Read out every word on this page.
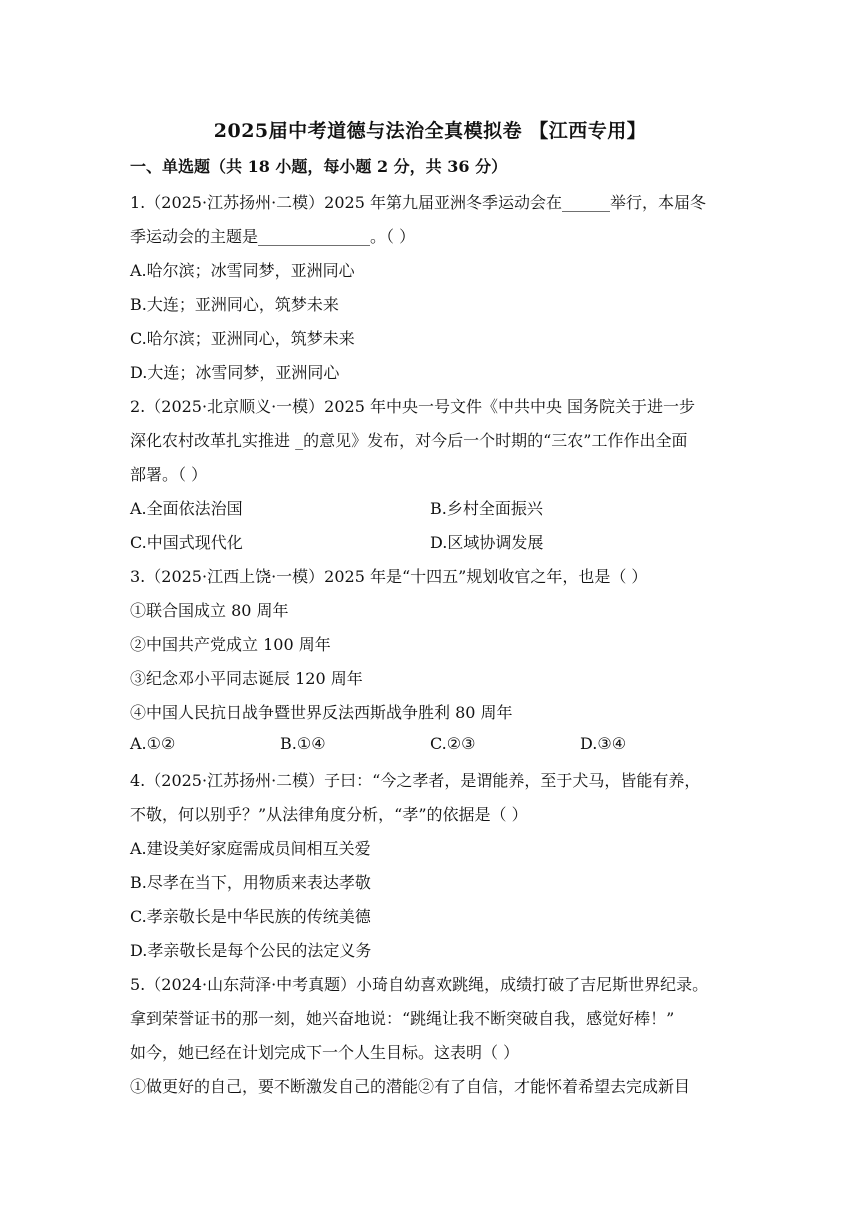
2025届中考道德与法治全真模拟卷 【江西专用】
一、单选题（共 18 小题，每小题 2 分，共 36 分）
1.（2025·江苏扬州·二模）2025 年第九届亚洲冬季运动会在______举行，本届冬
季运动会的主题是______________。（ ）
A.哈尔滨；冰雪同梦，亚洲同心
B.大连；亚洲同心，筑梦未来
C.哈尔滨；亚洲同心，筑梦未来
D.大连；冰雪同梦，亚洲同心
2.（2025·北京顺义·一模）2025 年中央一号文件《中共中央 国务院关于进一步
深化农村改革扎实推进 _的意见》发布，对今后一个时期的“三农”工作作出全面
部署。（ ）
A.全面依法治国	B.乡村全面振兴
C.中国式现代化	D.区域协调发展
3.（2025·江西上饶·一模）2025 年是“十四五”规划收官之年，也是（ ）
①联合国成立 80 周年
②中国共产党成立 100 周年
③纪念邓小平同志诞辰 120 周年
④中国人民抗日战争暨世界反法西斯战争胜利 80 周年
A.①②	B.①④	C.②③	D.③④
4.（2025·江苏扬州·二模）子曰：“今之孝者，是谓能养，至于犬马，皆能有养，
不敬，何以别乎？”从法律角度分析，“孝”的依据是（ ）
A.建设美好家庭需成员间相互关爱
B.尽孝在当下，用物质来表达孝敬
C.孝亲敬长是中华民族的传统美德
D.孝亲敬长是每个公民的法定义务
5.（2024·山东菏泽·中考真题）小琦自幼喜欢跳绳，成绩打破了吉尼斯世界纪录。
拿到荣誉证书的那一刻，她兴奋地说：“跳绳让我不断突破自我，感觉好棒！”
如今，她已经在计划完成下一个人生目标。这表明（ ）
①做更好的自己，要不断激发自己的潜能②有了自信，才能怀着希望去完成新目
